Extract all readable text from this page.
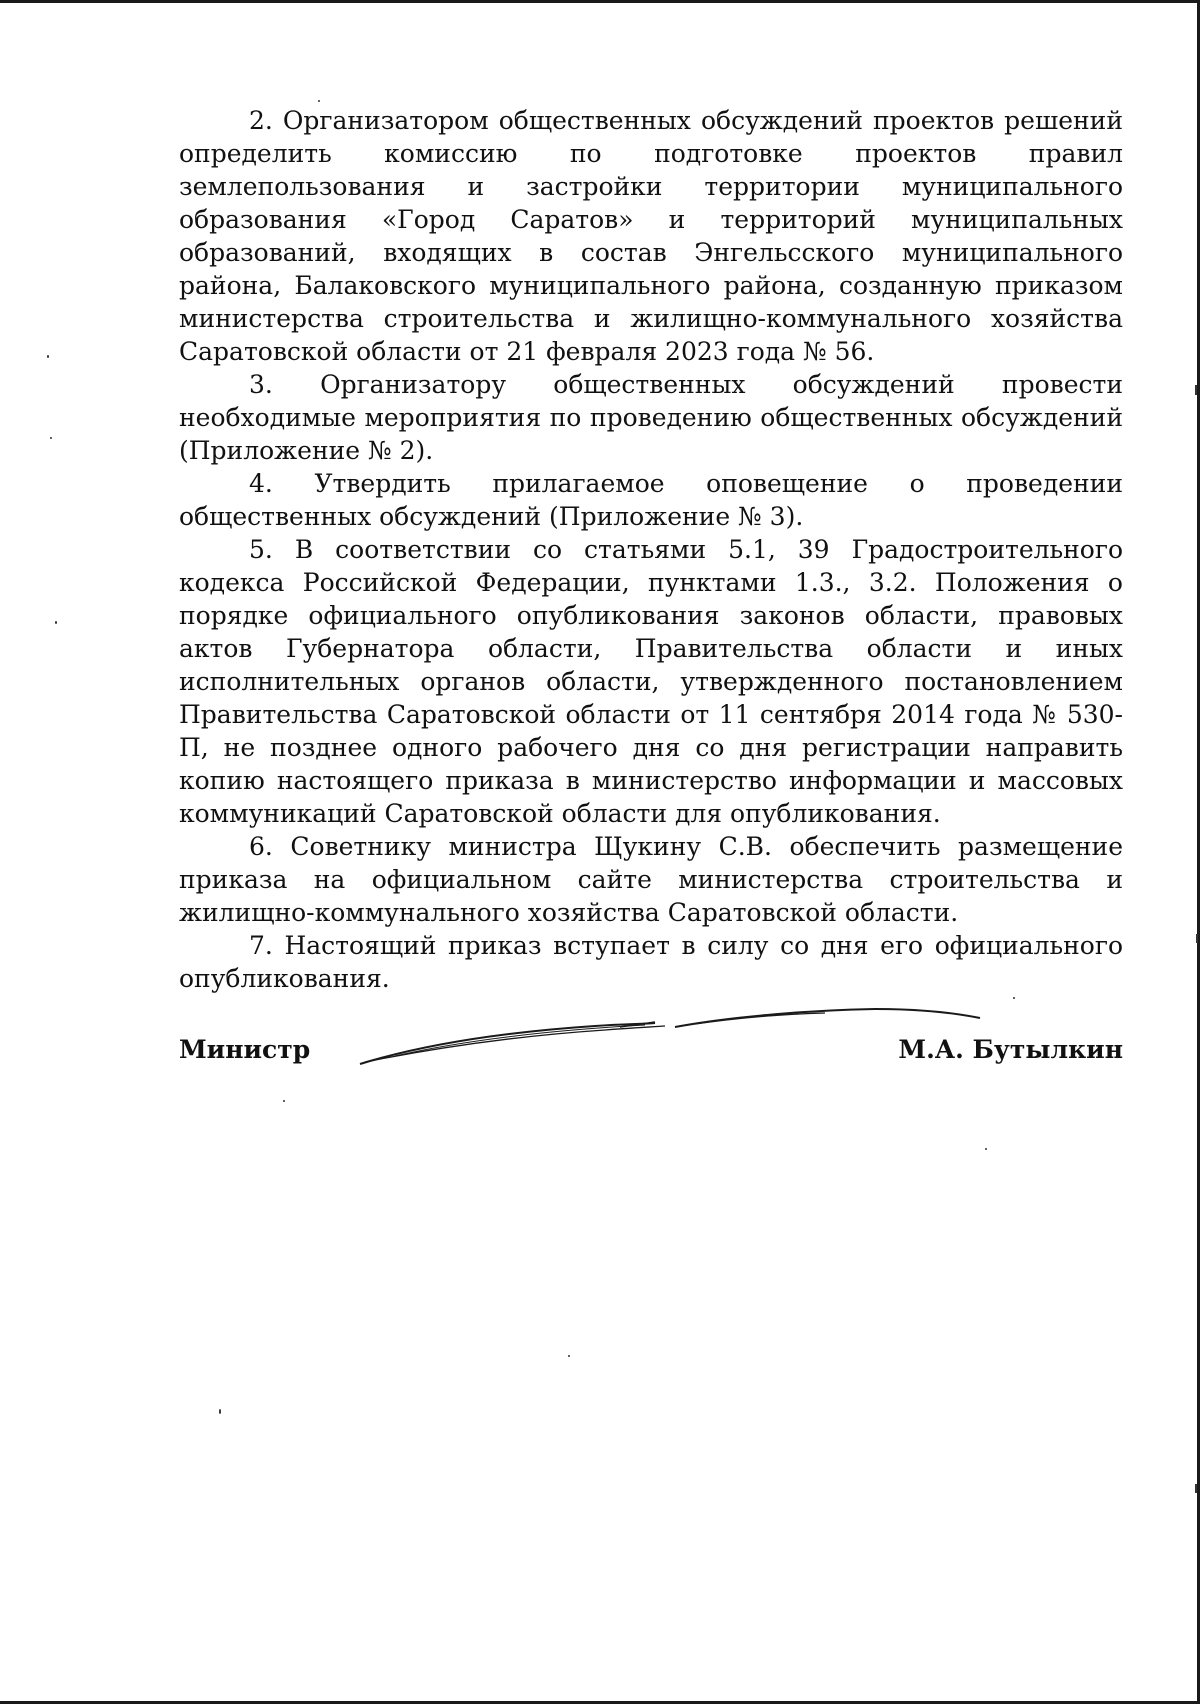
2. Организатором общественных обсуждений проектов решений определить комиссию по подготовке проектов правил землепользования и застройки территории муниципального образования «Город Саратов» и территорий муниципальных образований, входящих в состав Энгельсского муниципального района, Балаковского муниципального района, созданную приказом министерства строительства и жилищно-коммунального хозяйства Саратовской области от 21 февраля 2023 года № 56.

3. Организатору общественных обсуждений провести необходимые мероприятия по проведению общественных обсуждений (Приложение № 2).

4. Утвердить прилагаемое оповещение о проведении общественных обсуждений (Приложение № 3).

5. В соответствии со статьями 5.1, 39 Градостроительного кодекса Российской Федерации, пунктами 1.3., 3.2. Положения о порядке официального опубликования законов области, правовых актов Губернатора области, Правительства области и иных исполнительных органов области, утвержденного постановлением Правительства Саратовской области от 11 сентября 2014 года № 530-П, не позднее одного рабочего дня со дня регистрации направить копию настоящего приказа в министерство информации и массовых коммуникаций Саратовской области для опубликования.

6. Советнику министра Щукину С.В. обеспечить размещение приказа на официальном сайте министерства строительства и жилищно-коммунального хозяйства Саратовской области.

7. Настоящий приказ вступает в силу со дня его официального опубликования.

Министр	М.А. Бутылкин
